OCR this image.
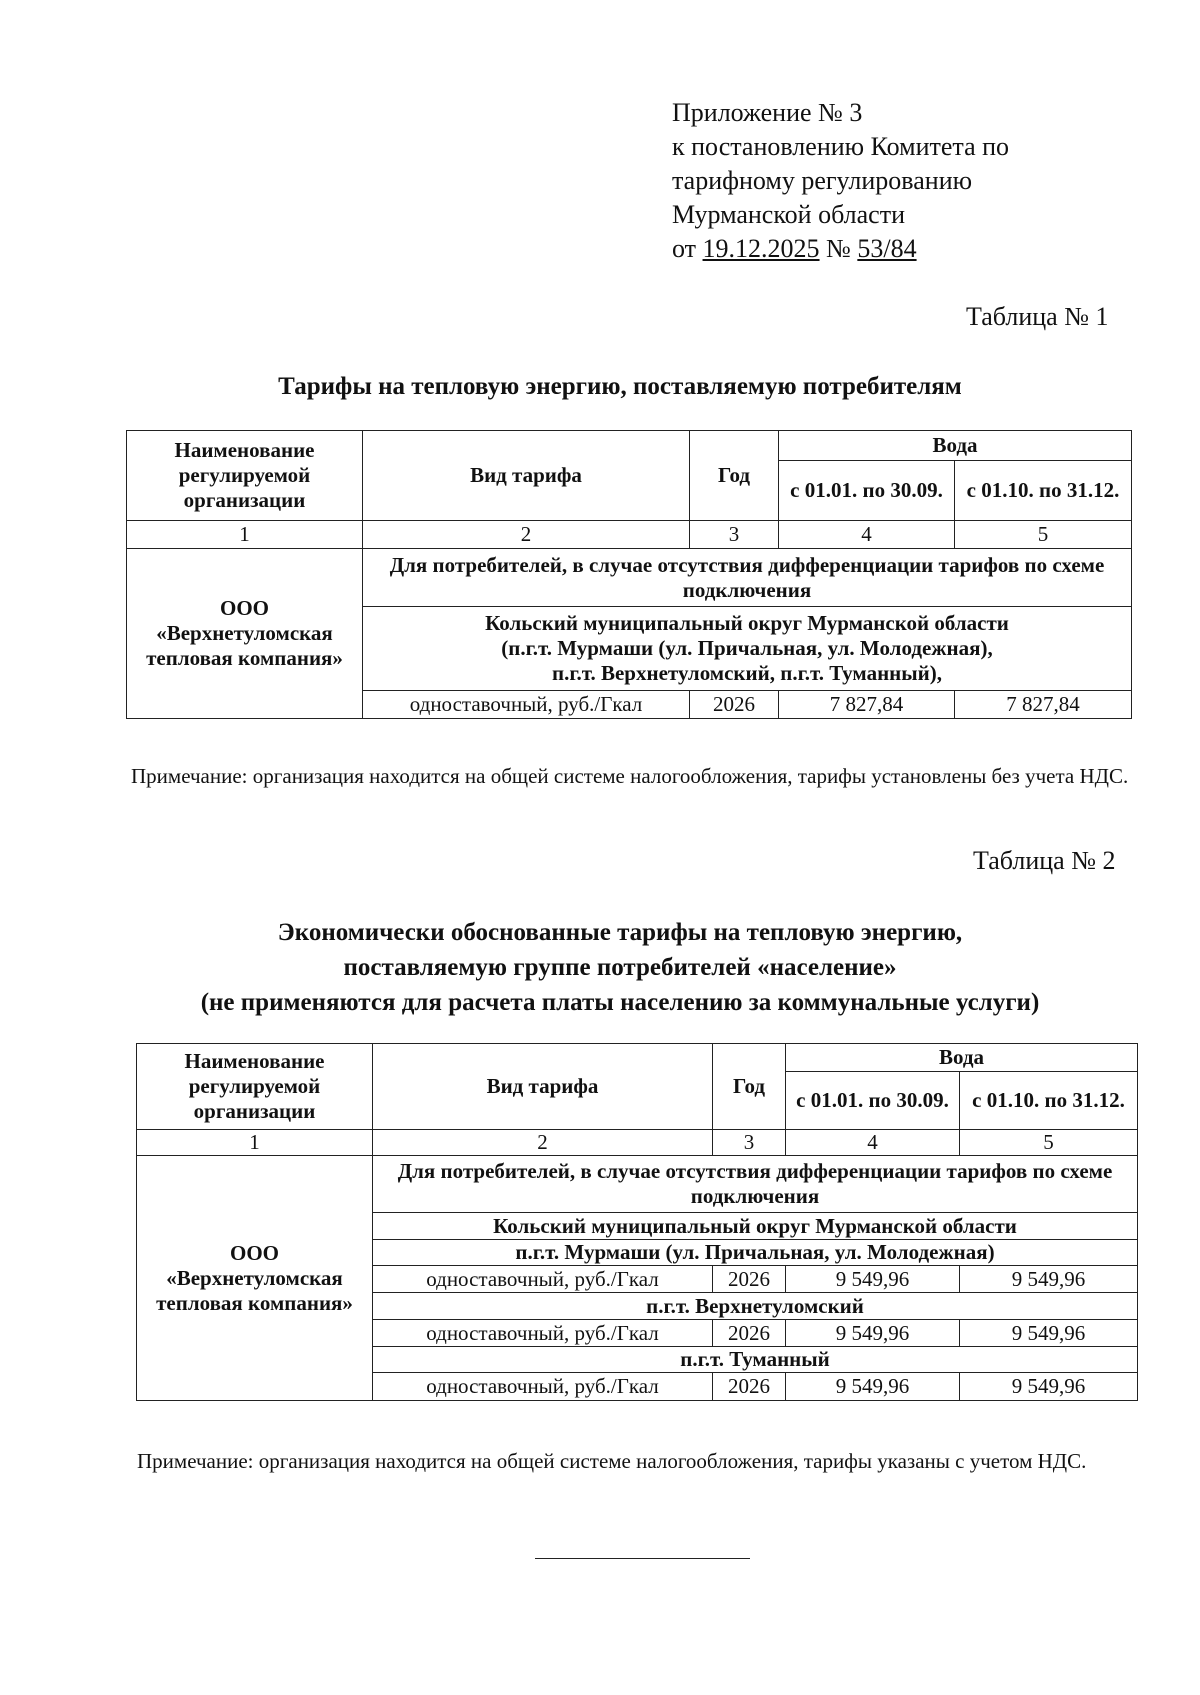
Приложение № 3
к постановлению Комитета по
тарифному регулированию
Мурманской области
от 19.12.2025 № 53/84
Таблица № 1
Тарифы на тепловую энергию, поставляемую потребителям
Наименование регулируемой организации	Вид тарифа	Год	Вода	
			с 01.01. по 30.09.	с 01.10. по 31.12.
1	2	3	4	5
ООО «Верхнетуломская тепловая компания»	Для потребителей, в случае отсутствия дифференциации тарифов по схеме подключения			

	Кольский муниципальный округ Мурманской области
(п.г.т. Мурмаши (ул. Причальная, ул. Молодежная),
п.г.т. Верхнетуломский, п.г.т. Туманный),			

	одноставочный, руб./Гкал	2026	7 827,84	7 827,84
Примечание: организация находится на общей системе налогообложения, тарифы установлены без учета НДС.
Таблица № 2
Экономически обоснованные тарифы на тепловую энергию,
поставляемую группе потребителей «население»
(не применяются для расчета платы населению за коммунальные услуги)
Наименование регулируемой организации	Вид тарифа	Год	Вода	
			с 01.01. по 30.09.	с 01.10. по 31.12.
1	2	3	4	5
ООО «Верхнетуломская тепловая компания»	Для потребителей, в случае отсутствия дифференциации тарифов по схеме подключения			
	Кольский муниципальный округ Мурманской области			
	п.г.т. Мурмаши (ул. Причальная, ул. Молодежная)			
	одноставочный, руб./Гкал	2026	9 549,96	9 549,96
	п.г.т. Верхнетуломский			
	одноставочный, руб./Гкал	2026	9 549,96	9 549,96
	п.г.т. Туманный			
	одноставочный, руб./Гкал	2026	9 549,96	9 549,96
Примечание: организация находится на общей системе налогообложения, тарифы указаны с учетом НДС.
